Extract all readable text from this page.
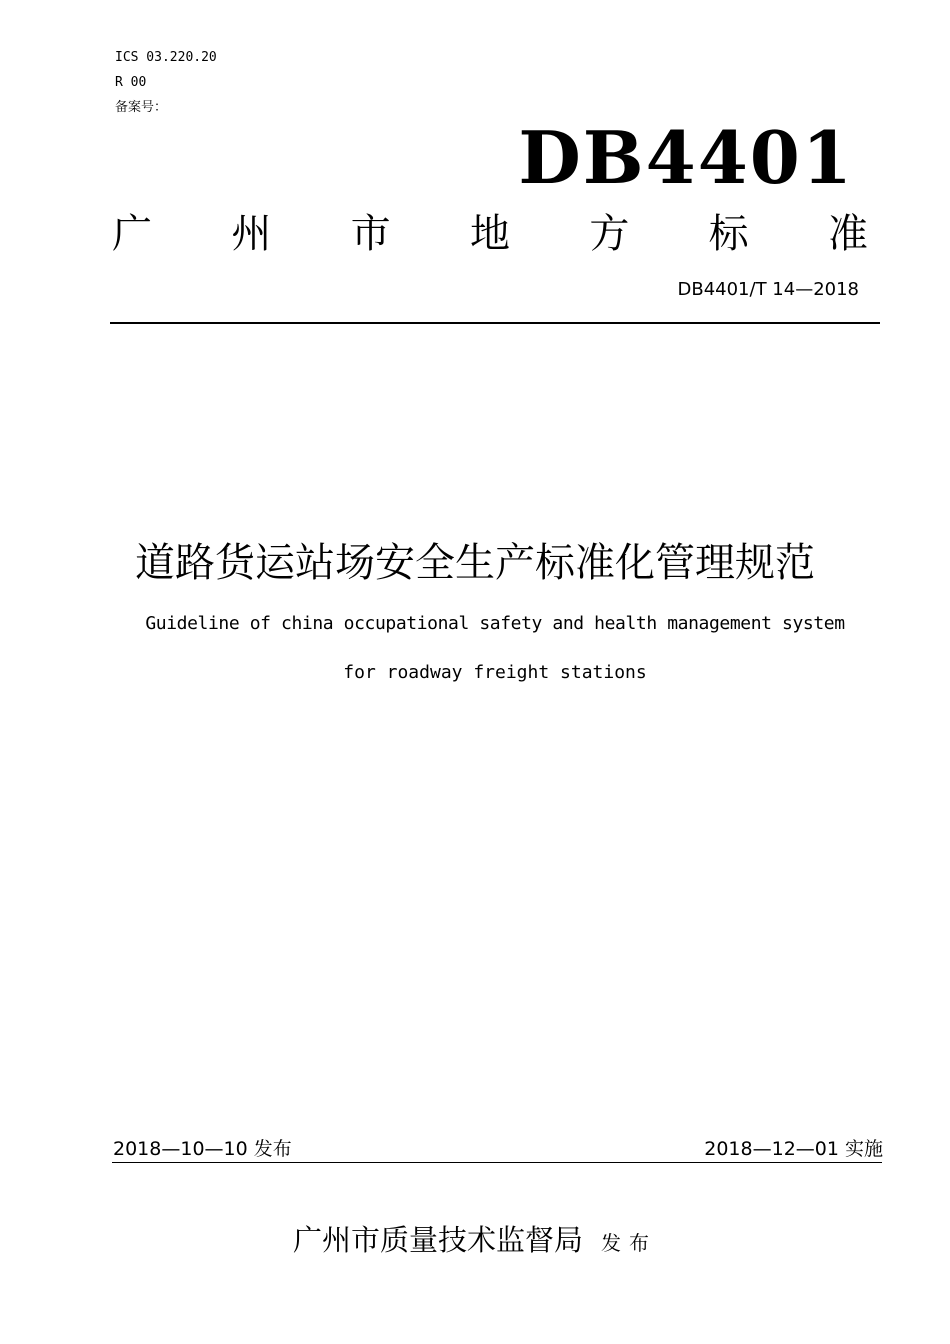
ICS 03.220.20
R 00
备案号：
DB4401
广 州 市 地 方 标 准
DB4401/T 14—2018
道路货运站场安全生产标准化管理规范
Guideline of china occupational safety and health management system
for roadway freight stations
2018—10—10 发布	2018—12—01 实施
广州市质量技术监督局 发布
